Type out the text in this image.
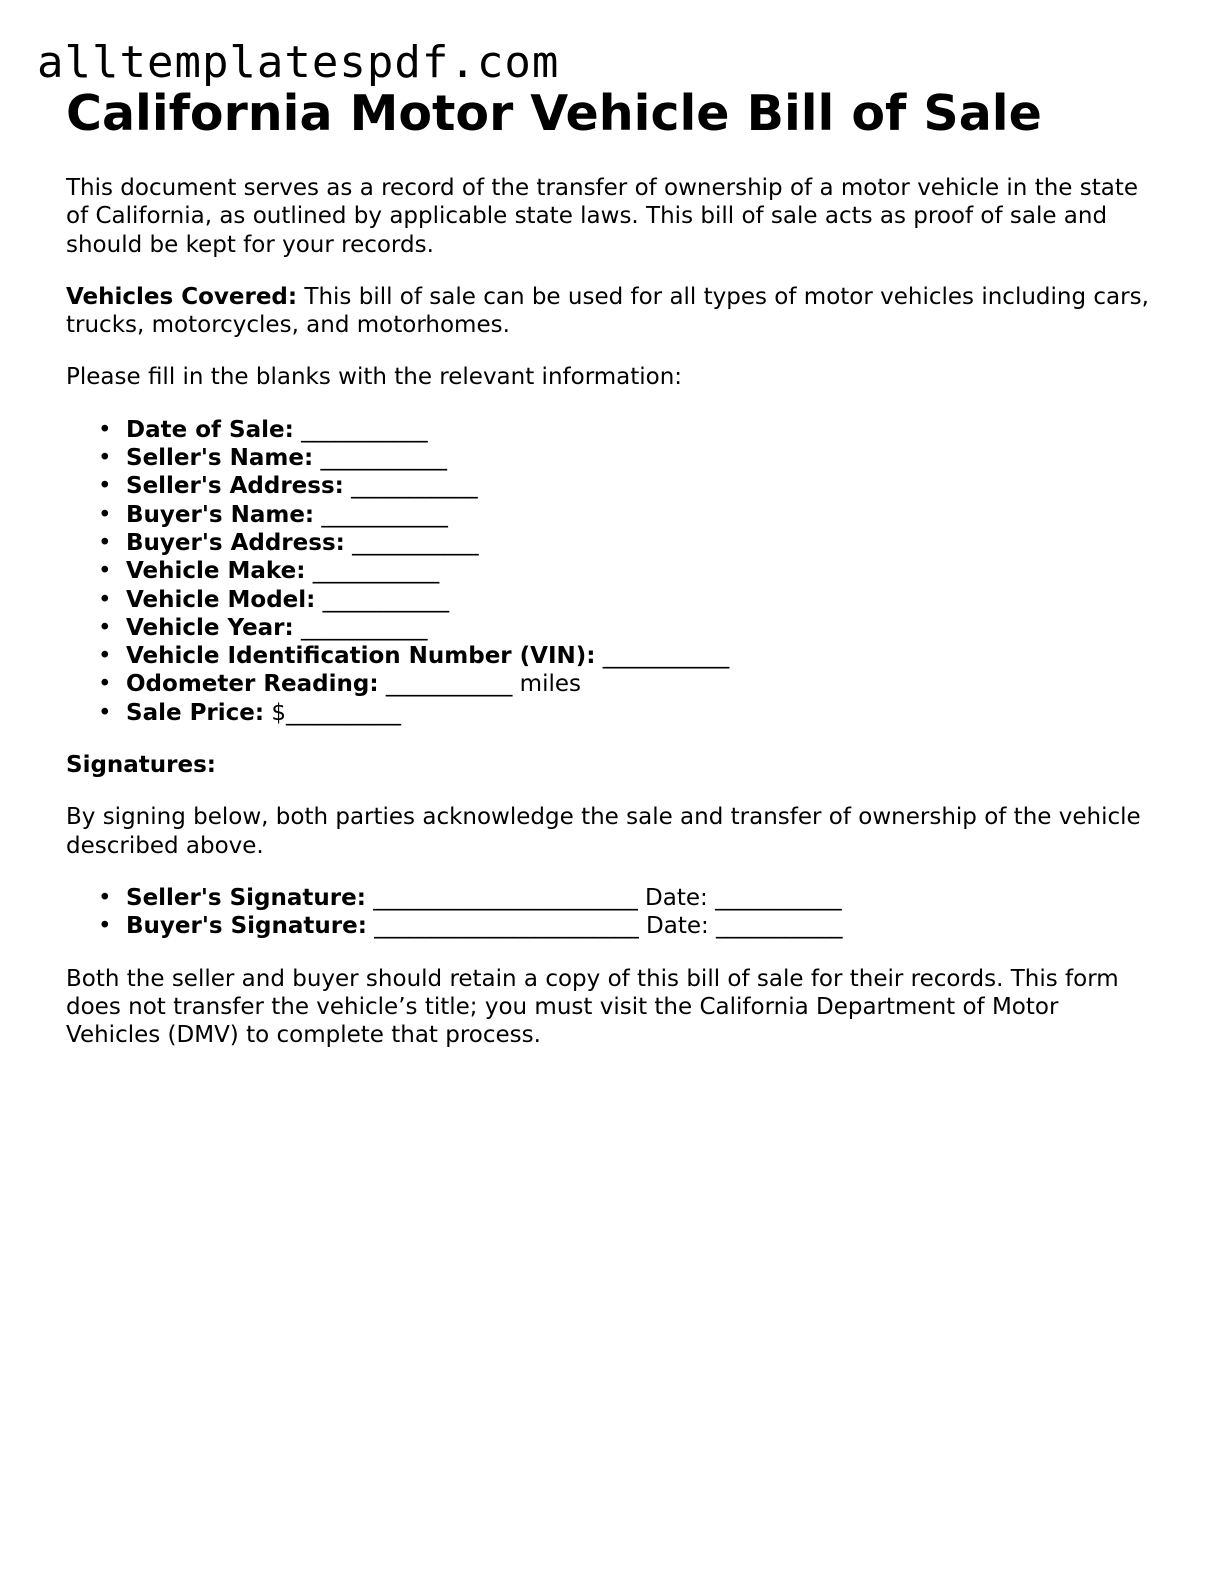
alltemplatespdf.com
California Motor Vehicle Bill of Sale

This document serves as a record of the transfer of ownership of a motor vehicle in the state of California, as outlined by applicable state laws. This bill of sale acts as proof of sale and should be kept for your records.

Vehicles Covered: This bill of sale can be used for all types of motor vehicles including cars, trucks, motorcycles, and motorhomes.

Please fill in the blanks with the relevant information:

• Date of Sale: ___________
• Seller's Name: ___________
• Seller's Address: ___________
• Buyer's Name: ___________
• Buyer's Address: ___________
• Vehicle Make: ___________
• Vehicle Model: ___________
• Vehicle Year: ___________
• Vehicle Identification Number (VIN): ___________
• Odometer Reading: ___________ miles
• Sale Price: $__________

Signatures:

By signing below, both parties acknowledge the sale and transfer of ownership of the vehicle described above.

• Seller's Signature: _______________________ Date: ___________
• Buyer's Signature: _______________________ Date: ___________

Both the seller and buyer should retain a copy of this bill of sale for their records. This form does not transfer the vehicle’s title; you must visit the California Department of Motor Vehicles (DMV) to complete that process.
